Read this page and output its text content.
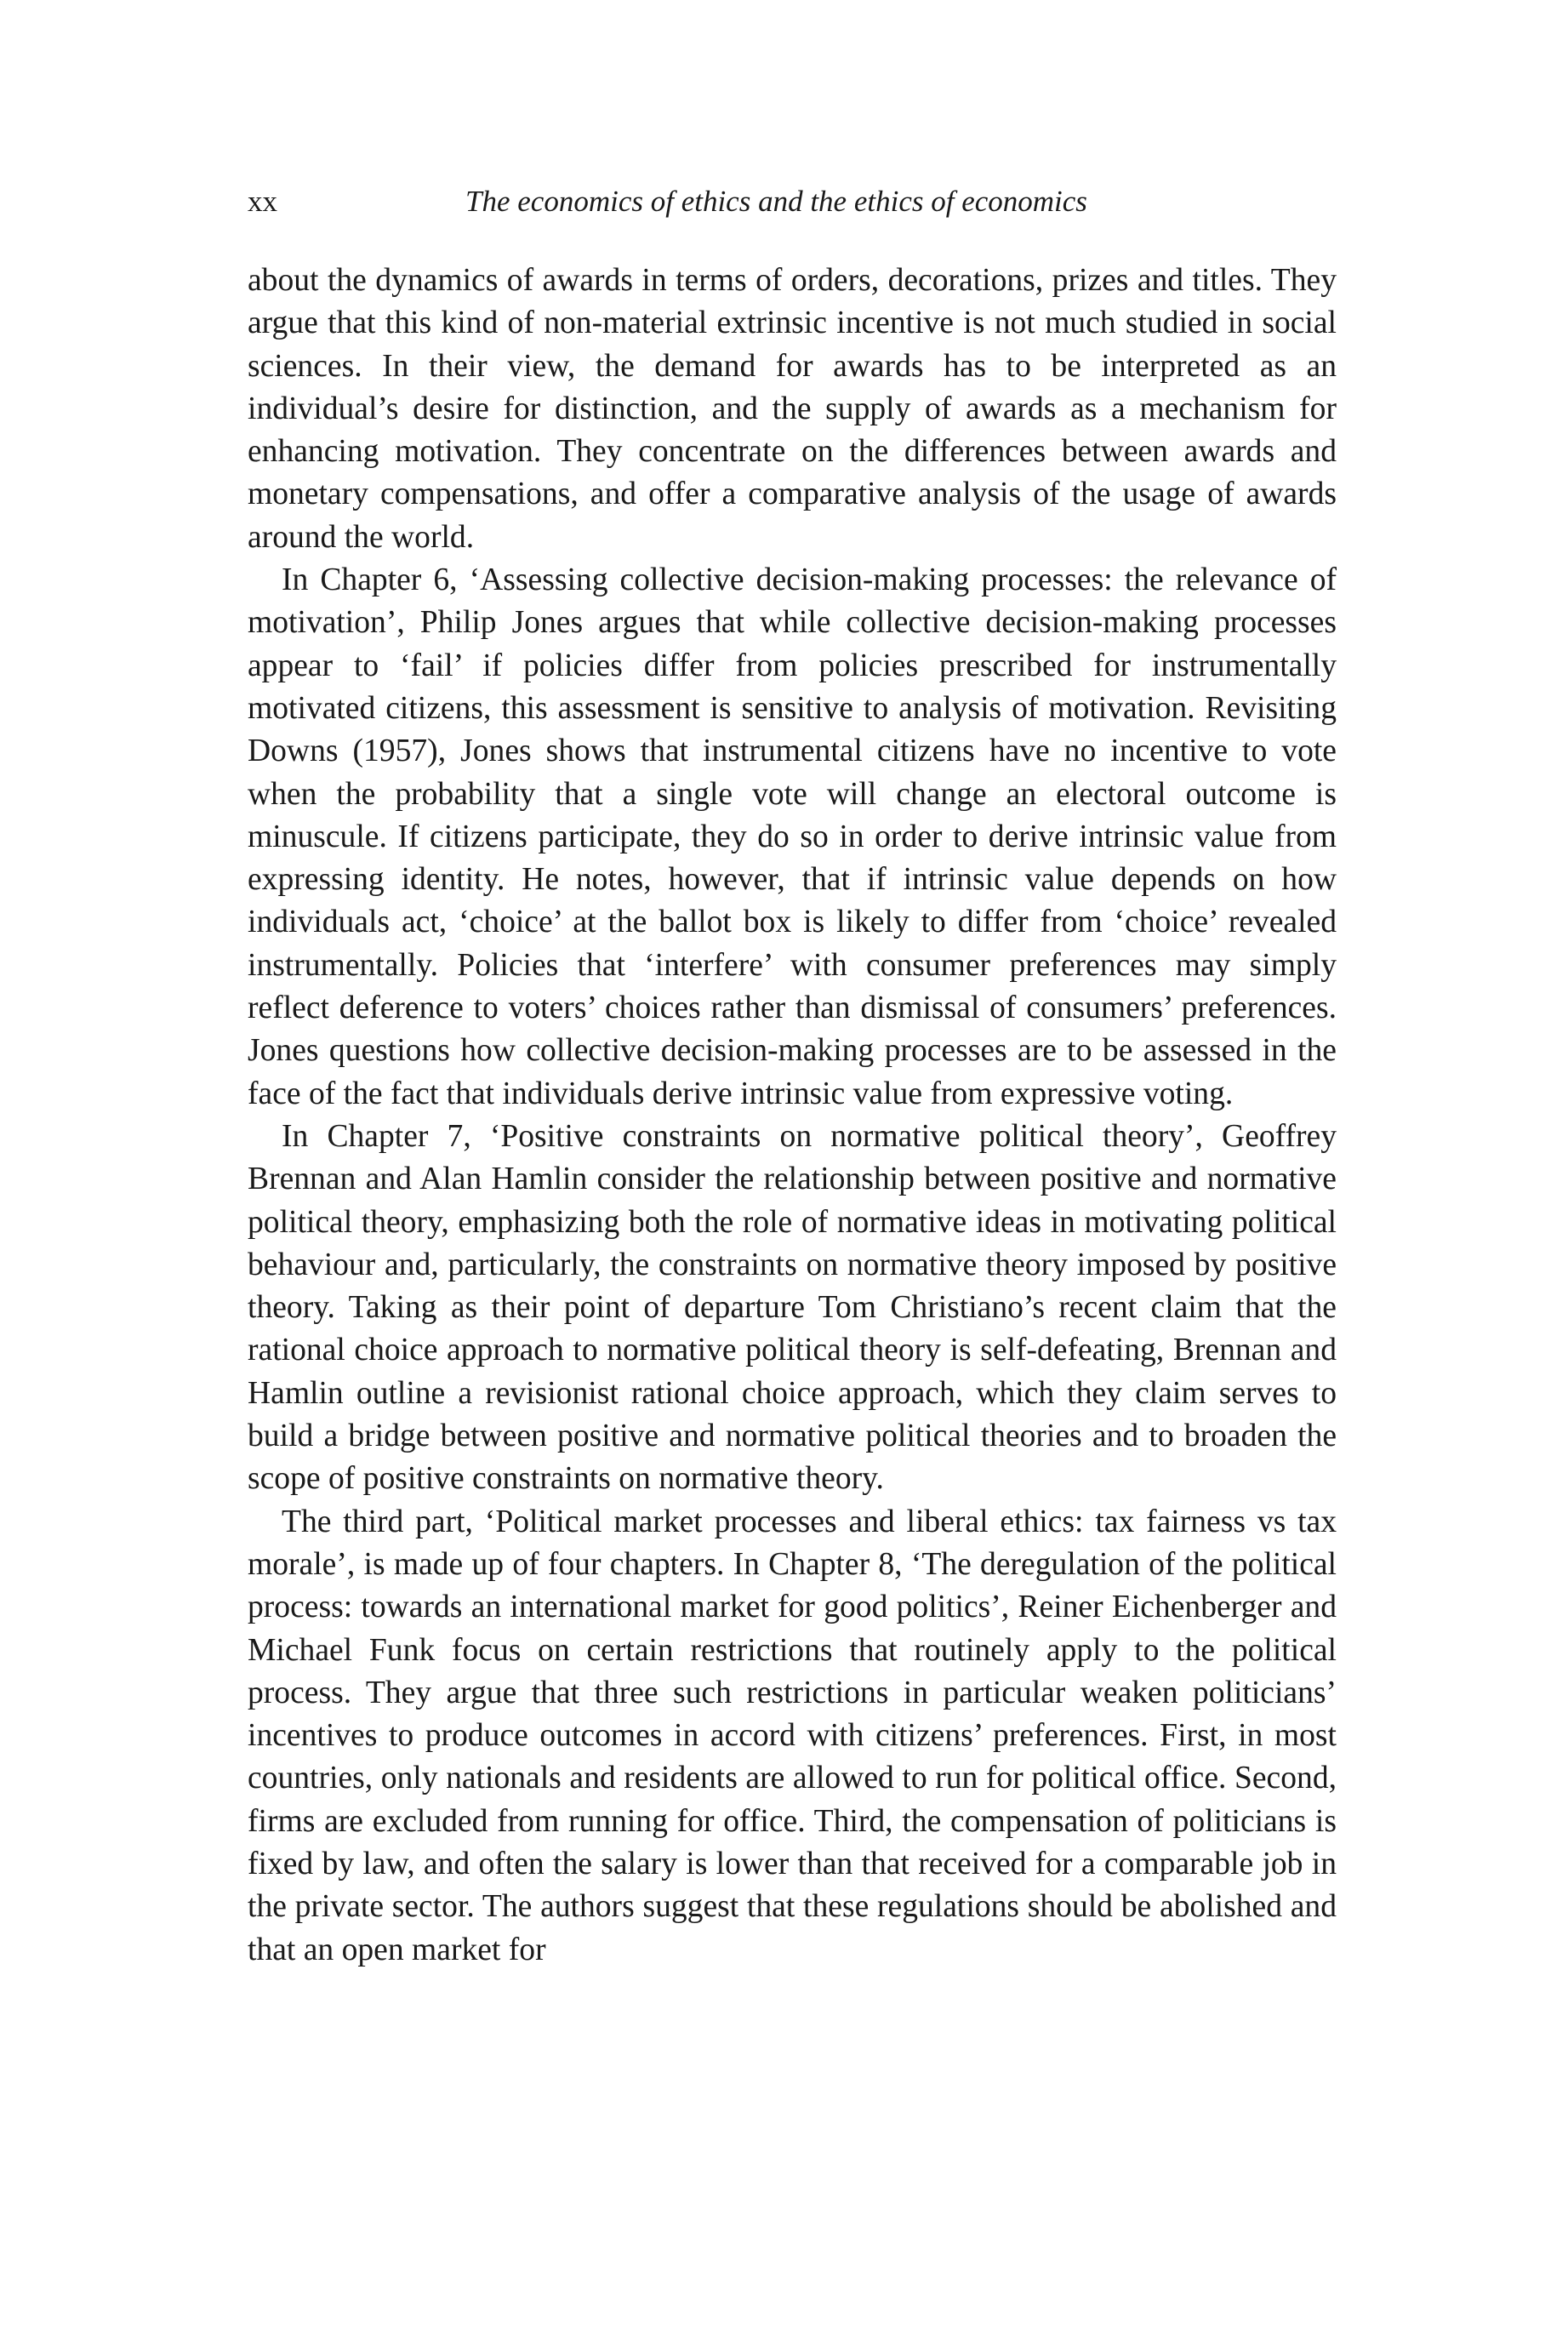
xx	The economics of ethics and the ethics of economics

about the dynamics of awards in terms of orders, decorations, prizes and titles. They argue that this kind of non-material extrinsic incentive is not much studied in social sciences. In their view, the demand for awards has to be interpreted as an individual’s desire for distinction, and the supply of awards as a mechanism for enhancing motivation. They concentrate on the differences between awards and monetary compensations, and offer a comparative analysis of the usage of awards around the world.

In Chapter 6, ‘Assessing collective decision-making processes: the relevance of motivation’, Philip Jones argues that while collective decision-making processes appear to ‘fail’ if policies differ from policies prescribed for instrumentally motivated citizens, this assessment is sensitive to analysis of motivation. Revisiting Downs (1957), Jones shows that instrumental citizens have no incentive to vote when the probability that a single vote will change an electoral outcome is minuscule. If citizens participate, they do so in order to derive intrinsic value from expressing identity. He notes, however, that if intrinsic value depends on how individuals act, ‘choice’ at the ballot box is likely to differ from ‘choice’ revealed instrumentally. Policies that ‘interfere’ with consumer preferences may simply reflect deference to voters’ choices rather than dismissal of consumers’ preferences. Jones questions how collective decision-making processes are to be assessed in the face of the fact that individuals derive intrinsic value from expressive voting.

In Chapter 7, ‘Positive constraints on normative political theory’, Geoffrey Brennan and Alan Hamlin consider the relationship between positive and normative political theory, emphasizing both the role of normative ideas in motivating political behaviour and, particularly, the constraints on normative theory imposed by positive theory. Taking as their point of departure Tom Christiano’s recent claim that the rational choice approach to normative political theory is self-defeating, Brennan and Hamlin outline a revisionist rational choice approach, which they claim serves to build a bridge between positive and normative political theories and to broaden the scope of positive constraints on normative theory.

The third part, ‘Political market processes and liberal ethics: tax fairness vs tax morale’, is made up of four chapters. In Chapter 8, ‘The deregulation of the political process: towards an international market for good politics’, Reiner Eichenberger and Michael Funk focus on certain restrictions that routinely apply to the political process. They argue that three such restrictions in particular weaken politicians’ incentives to produce outcomes in accord with citizens’ preferences. First, in most countries, only nationals and residents are allowed to run for political office. Second, firms are excluded from running for office. Third, the compensation of politicians is fixed by law, and often the salary is lower than that received for a comparable job in the private sector. The authors suggest that these regulations should be abolished and that an open market for
